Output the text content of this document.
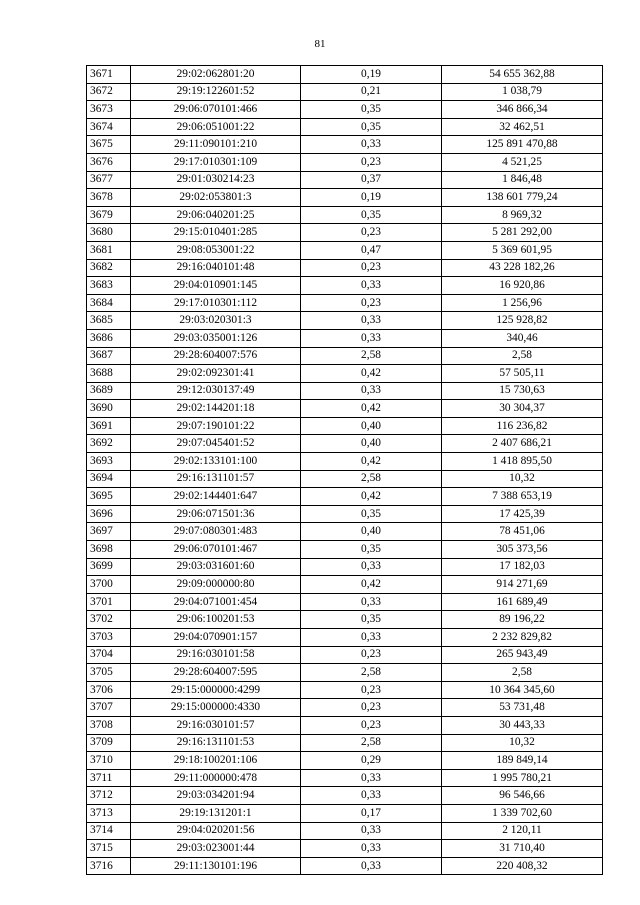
81
3671	29:02:062801:20	0,19	54 655 362,88
3672	29:19:122601:52	0,21	1 038,79
3673	29:06:070101:466	0,35	346 866,34
3674	29:06:051001:22	0,35	32 462,51
3675	29:11:090101:210	0,33	125 891 470,88
3676	29:17:010301:109	0,23	4 521,25
3677	29:01:030214:23	0,37	1 846,48
3678	29:02:053801:3	0,19	138 601 779,24
3679	29:06:040201:25	0,35	8 969,32
3680	29:15:010401:285	0,23	5 281 292,00
3681	29:08:053001:22	0,47	5 369 601,95
3682	29:16:040101:48	0,23	43 228 182,26
3683	29:04:010901:145	0,33	16 920,86
3684	29:17:010301:112	0,23	1 256,96
3685	29:03:020301:3	0,33	125 928,82
3686	29:03:035001:126	0,33	340,46
3687	29:28:604007:576	2,58	2,58
3688	29:02:092301:41	0,42	57 505,11
3689	29:12:030137:49	0,33	15 730,63
3690	29:02:144201:18	0,42	30 304,37
3691	29:07:190101:22	0,40	116 236,82
3692	29:07:045401:52	0,40	2 407 686,21
3693	29:02:133101:100	0,42	1 418 895,50
3694	29:16:131101:57	2,58	10,32
3695	29:02:144401:647	0,42	7 388 653,19
3696	29:06:071501:36	0,35	17 425,39
3697	29:07:080301:483	0,40	78 451,06
3698	29:06:070101:467	0,35	305 373,56
3699	29:03:031601:60	0,33	17 182,03
3700	29:09:000000:80	0,42	914 271,69
3701	29:04:071001:454	0,33	161 689,49
3702	29:06:100201:53	0,35	89 196,22
3703	29:04:070901:157	0,33	2 232 829,82
3704	29:16:030101:58	0,23	265 943,49
3705	29:28:604007:595	2,58	2,58
3706	29:15:000000:4299	0,23	10 364 345,60
3707	29:15:000000:4330	0,23	53 731,48
3708	29:16:030101:57	0,23	30 443,33
3709	29:16:131101:53	2,58	10,32
3710	29:18:100201:106	0,29	189 849,14
3711	29:11:000000:478	0,33	1 995 780,21
3712	29:03:034201:94	0,33	96 546,66
3713	29:19:131201:1	0,17	1 339 702,60
3714	29:04:020201:56	0,33	2 120,11
3715	29:03:023001:44	0,33	31 710,40
3716	29:11:130101:196	0,33	220 408,32
